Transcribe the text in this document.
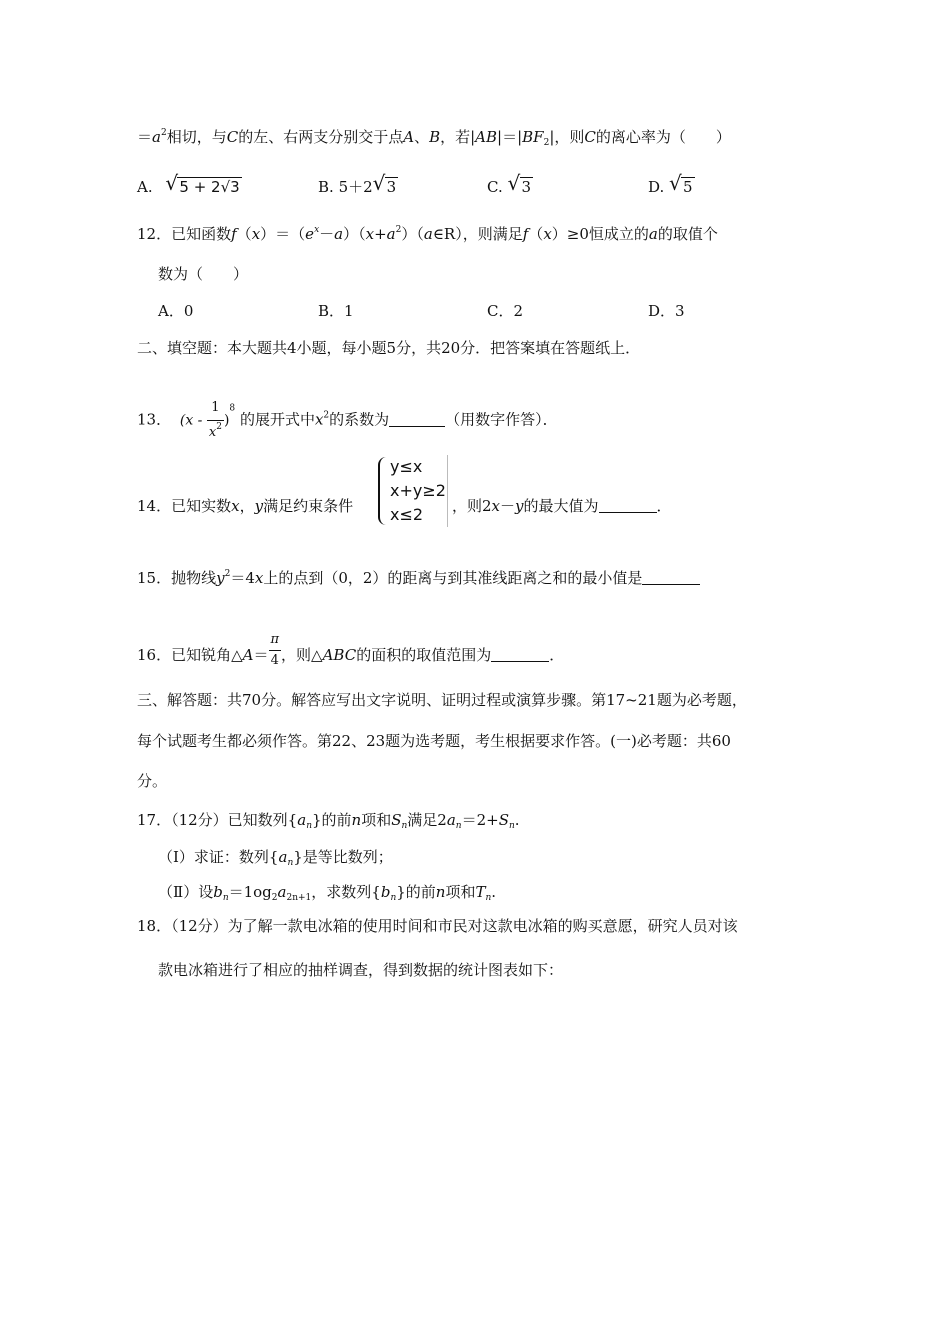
$=a^2$相切，与C的左、右两支分别交于点A、B，若$|AB|=|BF_2|$，则C的离心率为（　　）
A. √ 5 + 2√3	B. 5＋2 √ 3	C. √ 3	D. √ 5
12．已知函数$f(x)=(e^x-a)(x+a^2)(a\in R)$，则满足f（x）≥0恒成立的a的取值个
数为（　　）
A．0	B．1	C．2	D．3
二、填空题：本大题共4小题，每小题5分，共20分．把答案填在答题纸上．
13． $(x - \frac{1}{x^2} )^8$ 的展开式中$x^2$的系数为	（用数字作答）．
14．已知实数x，y满足约束条件
y≤x
x+y≥2
x≤2	，则2x－y的最大值为	．
15．抛物线$y^2=4x$上的点到（0，2）的距离与到其准线距离之和的最小值是
16．已知锐角△A＝ $\frac{\pi}{4}$ ，则△ABC的面积的取值范围为	．
三、解答题：共70分。解答应写出文字说明、证明过程或演算步骤。第17~21题为必考题，
每个试题考生都必须作答。第22、23题为选考题，考生根据要求作答。(一)必考题：共60
分。
17．（12分）已知数列$\{a_n\}$的前n项和$S_n$满足$2a_n=2+S_n$.
（Ⅰ）求证：数列$\{a_n\}$是等比数列；
（Ⅱ）设$b_n=1og_2a_{2n+1}$，求数列$\{b_n\}$的前n项和$T_n$.
18．（12分）为了解一款电冰箱的使用时间和市民对这款电冰箱的购买意愿，研究人员对该
款电冰箱进行了相应的抽样调查，得到数据的统计图表如下：
